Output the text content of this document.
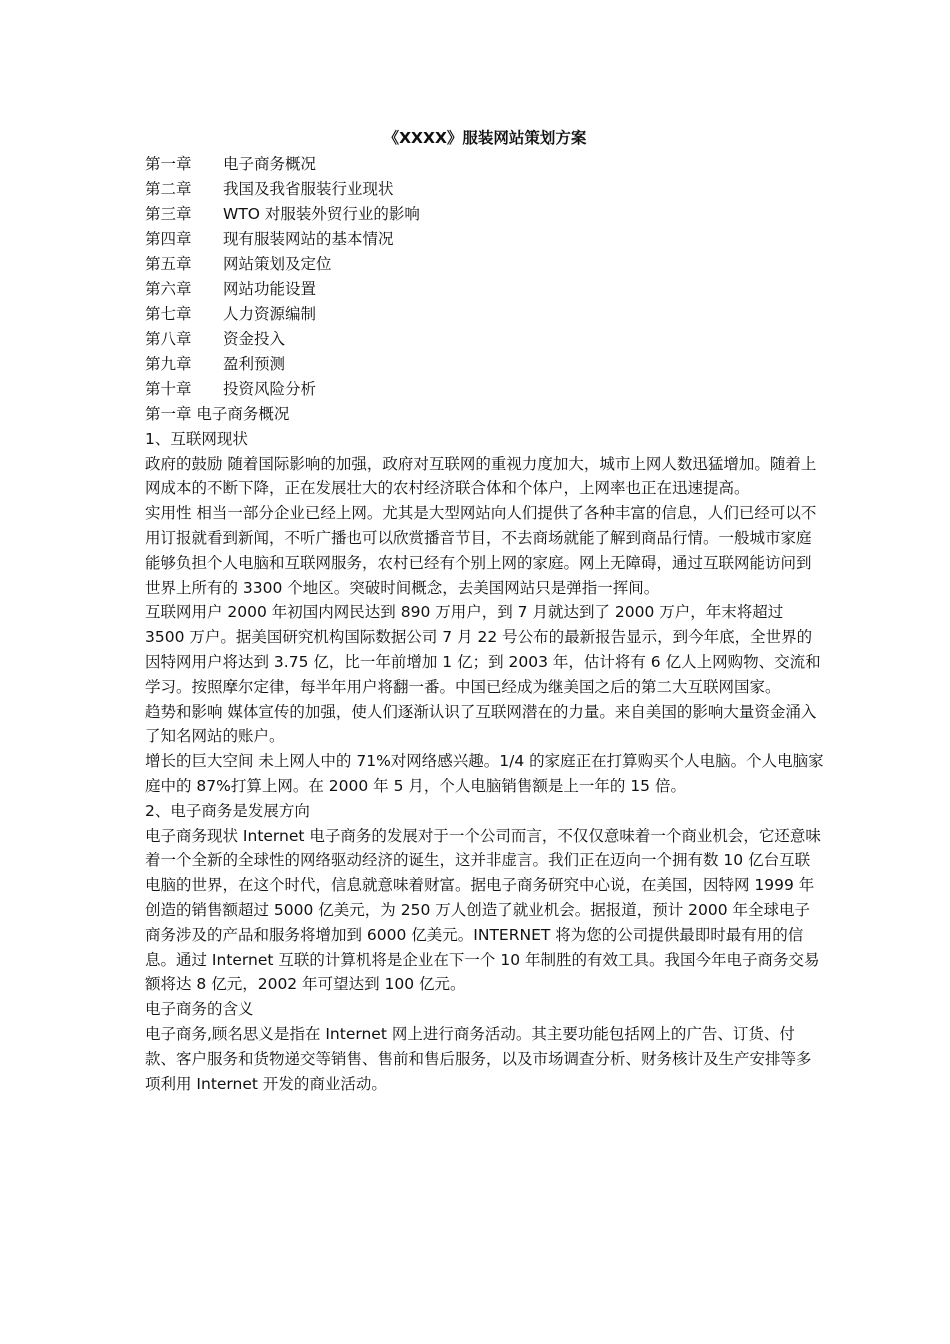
《XXXX》服装网站策划方案
第一章 电子商务概况
第二章 我国及我省服装行业现状
第三章 WTO 对服装外贸行业的影响
第四章 现有服装网站的基本情况
第五章 网站策划及定位
第六章 网站功能设置
第七章 人力资源编制
第八章 资金投入
第九章 盈利预测
第十章 投资风险分析
第一章 电子商务概况
1、互联网现状

政府的鼓励 随着国际影响的加强，政府对互联网的重视力度加大，城市上网人数迅猛增加。随着上网成本的不断下降，正在发展壮大的农村经济联合体和个体户，上网率也正在迅速提高。

实用性 相当一部分企业已经上网。尤其是大型网站向人们提供了各种丰富的信息，人们已经可以不用订报就看到新闻，不听广播也可以欣赏播音节目，不去商场就能了解到商品行情。一般城市家庭能够负担个人电脑和互联网服务，农村已经有个别上网的家庭。网上无障碍，通过互联网能访问到世界上所有的 3300 个地区。突破时间概念，去美国网站只是弹指一挥间。

互联网用户 2000 年初国内网民达到 890 万用户，到 7 月就达到了 2000 万户，年末将超过 3500 万户。据美国研究机构国际数据公司 7 月 22 号公布的最新报告显示，到今年底，全世界的因特网用户将达到 3.75 亿，比一年前增加 1 亿；到 2003 年，估计将有 6 亿人上网购物、交流和学习。按照摩尔定律，每半年用户将翻一番。中国已经成为继美国之后的第二大互联网国家。

趋势和影响 媒体宣传的加强，使人们逐渐认识了互联网潜在的力量。来自美国的影响大量资金涌入了知名网站的账户。

增长的巨大空间 未上网人中的 71%对网络感兴趣。1/4 的家庭正在打算购买个人电脑。个人电脑家庭中的 87%打算上网。在 2000 年 5 月，个人电脑销售额是上一年的 15 倍。

2、电子商务是发展方向

电子商务现状 Internet 电子商务的发展对于一个公司而言，不仅仅意味着一个商业机会，它还意味着一个全新的全球性的网络驱动经济的诞生，这并非虚言。我们正在迈向一个拥有数 10 亿台互联电脑的世界，在这个时代，信息就意味着财富。据电子商务研究中心说，在美国，因特网 1999 年创造的销售额超过 5000 亿美元，为 250 万人创造了就业机会。据报道，预计 2000 年全球电子商务涉及的产品和服务将增加到 6000 亿美元。INTERNET 将为您的公司提供最即时最有用的信息。通过 Internet 互联的计算机将是企业在下一个 10 年制胜的有效工具。我国今年电子商务交易额将达 8 亿元，2002 年可望达到 100 亿元。

电子商务的含义

电子商务,顾名思义是指在 Internet 网上进行商务活动。其主要功能包括网上的广告、订货、付款、客户服务和货物递交等销售、售前和售后服务，以及市场调查分析、财务核计及生产安排等多项利用 Internet 开发的商业活动。
